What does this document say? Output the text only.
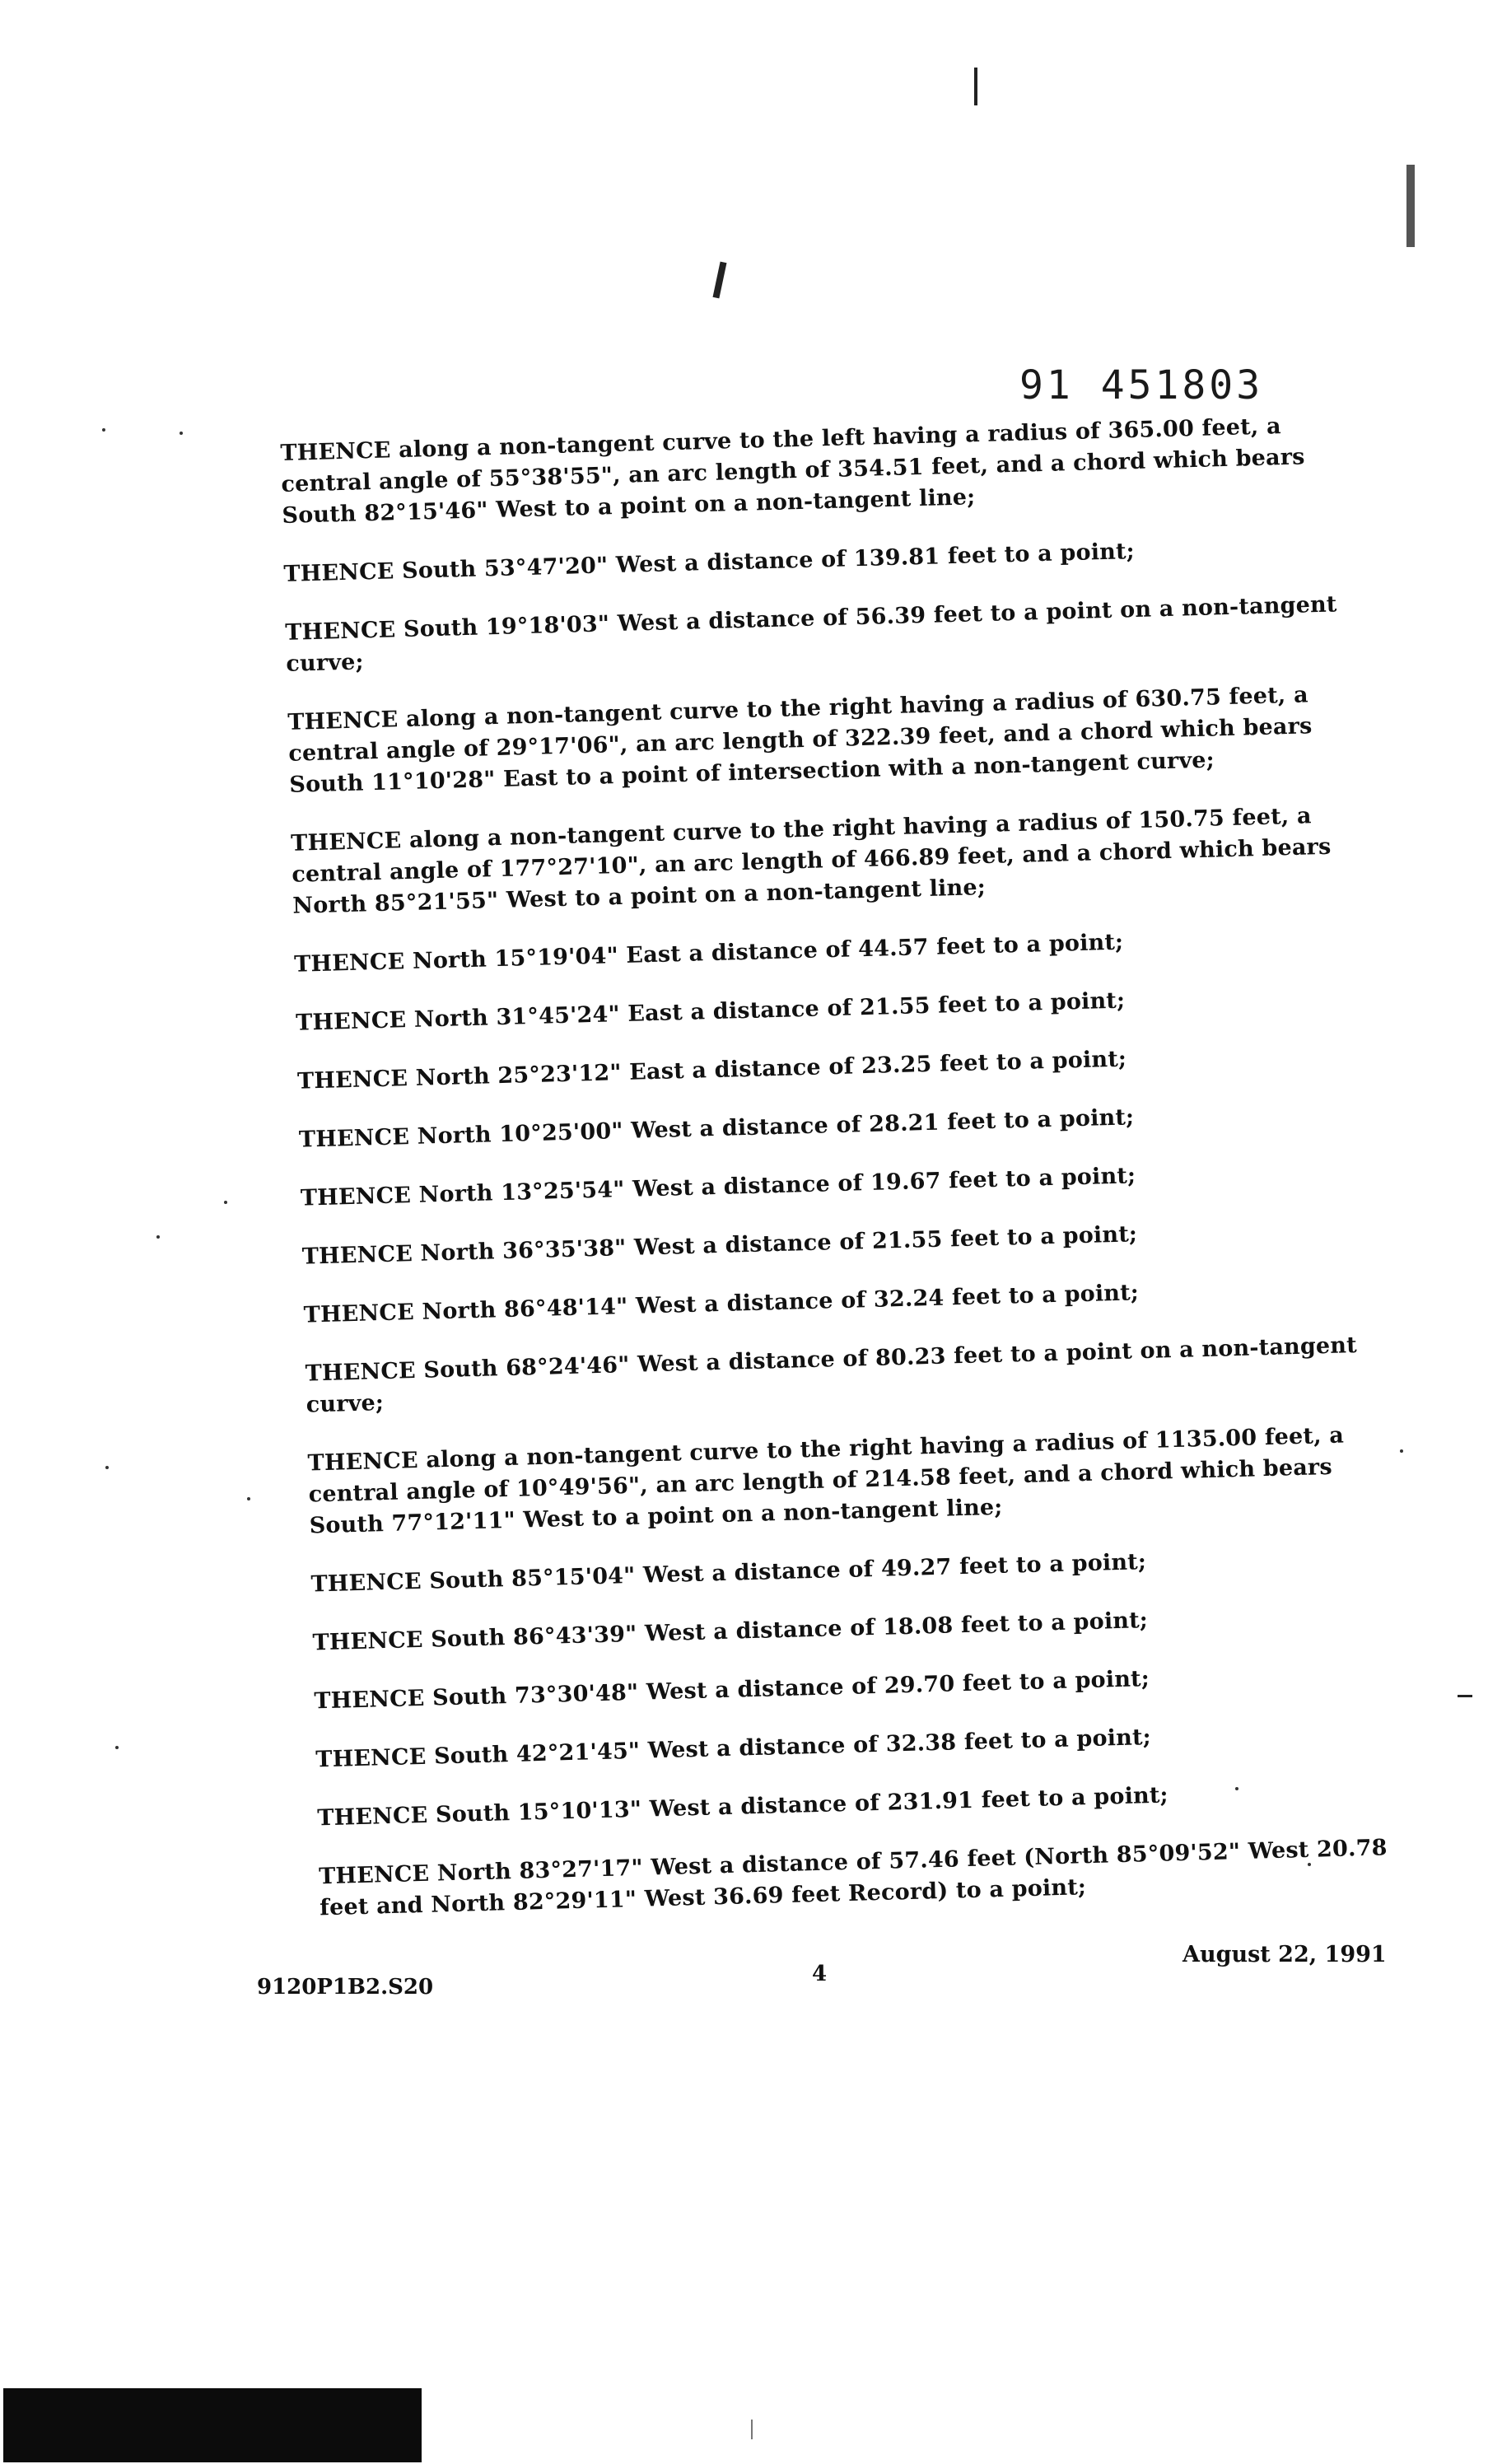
91 451803

THENCE along a non-tangent curve to the left having a radius of 365.00 feet, a central angle of 55°38'55", an arc length of 354.51 feet, and a chord which bears South 82°15'46" West to a point on a non-tangent line;

THENCE South 53°47'20" West a distance of 139.81 feet to a point;

THENCE South 19°18'03" West a distance of 56.39 feet to a point on a non-tangent curve;

THENCE along a non-tangent curve to the right having a radius of 630.75 feet, a central angle of 29°17'06", an arc length of 322.39 feet, and a chord which bears South 11°10'28" East to a point of intersection with a non-tangent curve;

THENCE along a non-tangent curve to the right having a radius of 150.75 feet, a central angle of 177°27'10", an arc length of 466.89 feet, and a chord which bears North 85°21'55" West to a point on a non-tangent line;

THENCE North 15°19'04" East a distance of 44.57 feet to a point;

THENCE North 31°45'24" East a distance of 21.55 feet to a point;

THENCE North 25°23'12" East a distance of 23.25 feet to a point;

THENCE North 10°25'00" West a distance of 28.21 feet to a point;

THENCE North 13°25'54" West a distance of 19.67 feet to a point;

THENCE North 36°35'38" West a distance of 21.55 feet to a point;

THENCE North 86°48'14" West a distance of 32.24 feet to a point;

THENCE South 68°24'46" West a distance of 80.23 feet to a point on a non-tangent curve;

THENCE along a non-tangent curve to the right having a radius of 1135.00 feet, a central angle of 10°49'56", an arc length of 214.58 feet, and a chord which bears South 77°12'11" West to a point on a non-tangent line;

THENCE South 85°15'04" West a distance of 49.27 feet to a point;

THENCE South 86°43'39" West a distance of 18.08 feet to a point;

THENCE South 73°30'48" West a distance of 29.70 feet to a point;

THENCE South 42°21'45" West a distance of 32.38 feet to a point;

THENCE South 15°10'13" West a distance of 231.91 feet to a point;

THENCE North 83°27'17" West a distance of 57.46 feet (North 85°09'52" West 20.78 feet and North 82°29'11" West 36.69 feet Record) to a point;

9120P1B2.S20
4
August 22, 1991
